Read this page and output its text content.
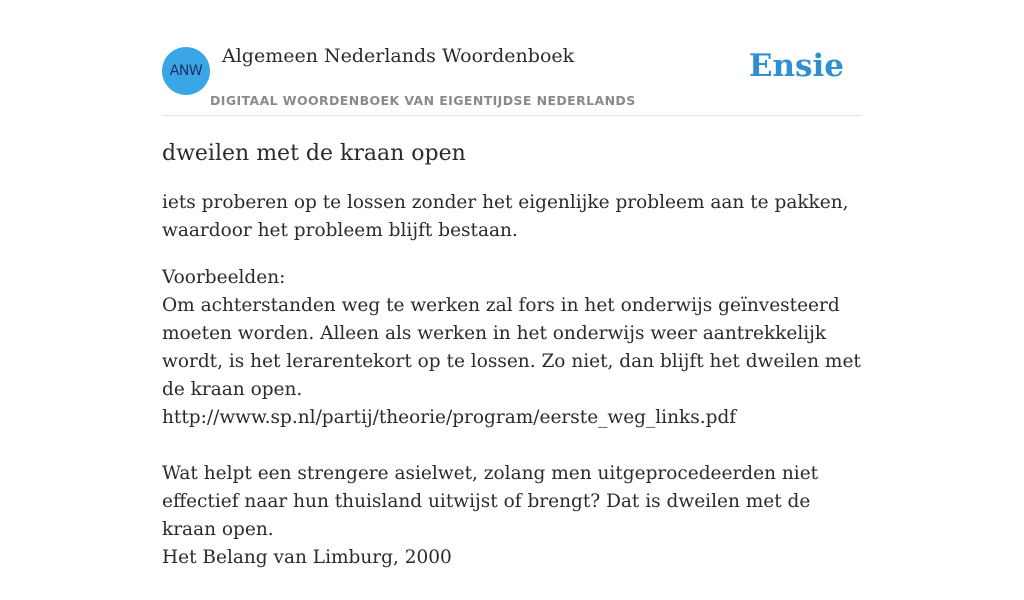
ANW
Algemeen Nederlands Woordenboek
DIGITAAL WOORDENBOEK VAN EIGENTIJDSE NEDERLANDS
Ensie
dweilen met de kraan open

iets proberen op te lossen zonder het eigenlijke probleem aan te pakken, waardoor het probleem blijft bestaan.

Voorbeelden:
Om achterstanden weg te werken zal fors in het onderwijs geïnvesteerd moeten worden. Alleen als werken in het onderwijs weer aantrekkelijk wordt, is het lerarentekort op te lossen. Zo niet, dan blijft het dweilen met de kraan open.
http://www.sp.nl/partij/theorie/program/eerste_weg_links.pdf
Wat helpt een strengere asielwet, zolang men uitgeprocedeerden niet effectief naar hun thuisland uitwijst of brengt? Dat is dweilen met de kraan open.
Het Belang van Limburg, 2000
